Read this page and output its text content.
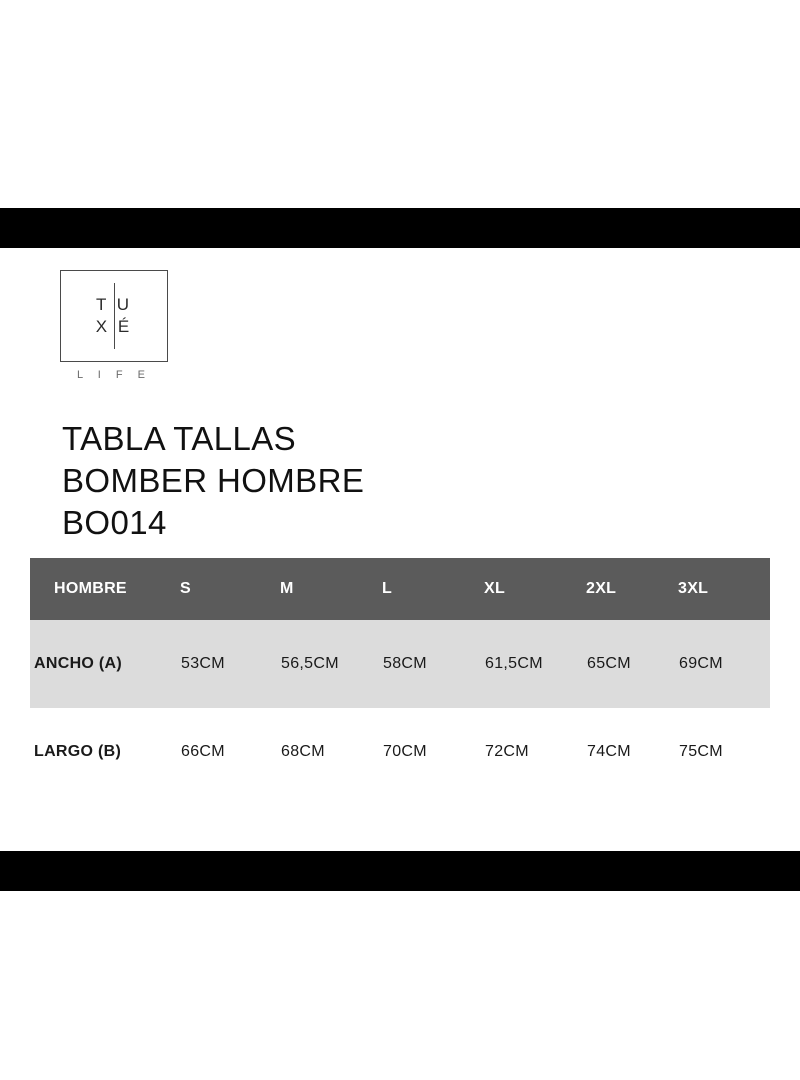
T U
X É
L I F E
TABLA TALLAS
BOMBER HOMBRE
BO014
HOMBRE	S	M	L	XL	2XL	3XL
ANCHO (A)	53CM	56,5CM	58CM	61,5CM	65CM	69CM
LARGO (B)	66CM	68CM	70CM	72CM	74CM	75CM
